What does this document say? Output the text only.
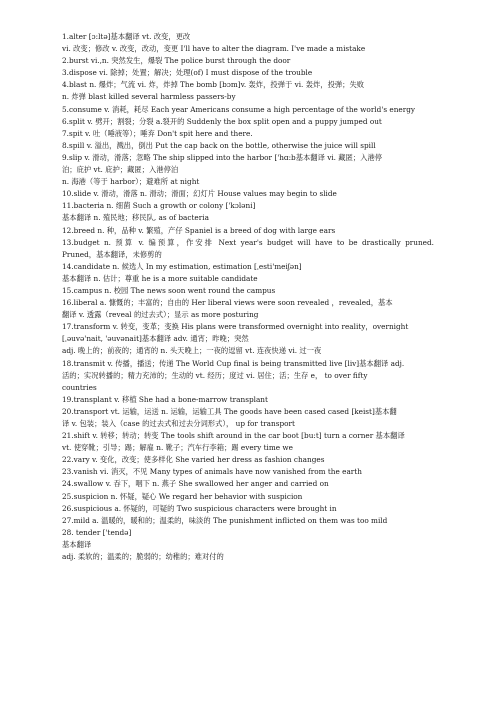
1.alter [ɔ:ltə]基本翻译 vt. 改变，更改
vi. 改变；修改 v. 改变，改动，变更 I'll have to alter the diagram. I've made a mistake
2.burst vi.,n. 突然发生，爆裂 The police burst through the door
3.dispose vi. 除掉；处置；解决；处理(of) I must dispose of the trouble
4.blast n. 爆炸；气流 vi. 炸，炸掉 The bomb [bɔm]v. 轰炸，投弹于 vi. 轰炸，投弹；失败
n. 炸弹 blast killed several harmless passers-by
5.consume v. 消耗，耗尽 Each year Americans consume a high percentage of the world's energy
6.split v. 劈开；割裂；分裂 a.裂开的 Suddenly the box split open and a puppy jumped out
7.spit v. 吐（唾液等）；唾弃 Don't spit here and there.
8.spill v. 溢出，溅出，倒出 Put the cap back on the bottle, otherwise the juice will spill
9.slip v. 滑动，滑落；忽略 The ship slipped into the harbor ['hɑ:b基本翻译 vi. 藏匿；入港停
泊；庇护 vt. 庇护；藏匿；入港停泊
n. 海港（等于 harbor）；避难所 at night
10.slide v. 滑动，滑落 n. 滑动；滑面；幻灯片 House values may begin to slide
11.bacteria n. 细菌 Such a growth or colony ['kɔləni]
基本翻译 n. 殖民地；移民队, as of bacteria
12.breed n. 种，品种 v. 繁殖，产仔 Spaniel is a breed of dog with large ears
13.budget n. 预算 v. 编预算，作安排 Next year's budget will have to be drastically pruned.
Pruned，基本翻译，未修剪的
14.candidate n. 候选人 In my estimation, estimation [ˌesti'meiʃən]
基本翻译 n. 估计；尊重 he is a more suitable candidate
15.campus n. 校园 The news soon went round the campus
16.liberal a. 慷慨的；丰富的；自由的 Her liberal views were soon revealed ，revealed，基本
翻译 v. 透露（reveal 的过去式）；显示 as more posturing
17.transform v. 转变，变革；变换 His plans were transformed overnight into reality，overnight
[ˌəuvə'nait, 'əuvənait]基本翻译 adv. 通宵；昨晚；突然
adj. 晚上的；前夜的；通宵的 n. 头天晚上；一夜的逗留 vt. 连夜快递 vi. 过一夜
18.transmit v. 传播，播送；传递 The World Cup final is being transmitted live [liv]基本翻译 adj.
活的；实况转播的；精力充沛的；生动的 vt. 经历；度过 vi. 居住；活；生存 e， to over fifty
countries
19.transplant v. 移植 She had a bone-marrow transplant
20.transport vt. 运输，运送 n. 运输，运输工具 The goods have been cased cased [keist]基本翻
译 v. 包装；装入（case 的过去式和过去分词形式）， up for transport
21.shift v. 转移；转动；转变 The tools shift around in the car boot [bu:t] turn a corner 基本翻译
vt. 使穿靴；引导；踢；解雇 n. 靴子；汽车行李箱；踢 every time we
22.vary v. 变化，改变；使多样化 She varied her dress as fashion changes
23.vanish vi. 消灭，不见 Many types of animals have now vanished from the earth
24.swallow v. 吞下，咽下 n. 燕子 She swallowed her anger and carried on
25.suspicion n. 怀疑，疑心 We regard her behavior with suspicion
26.suspicious a. 怀疑的，可疑的 Two suspicious characters were brought in
27.mild a. 温暖的，暖和的；温柔的，味淡的 The punishment inflicted on them was too mild
28. tender ['tendə]
基本翻译
adj. 柔软的；温柔的；脆弱的；幼稚的；难对付的
